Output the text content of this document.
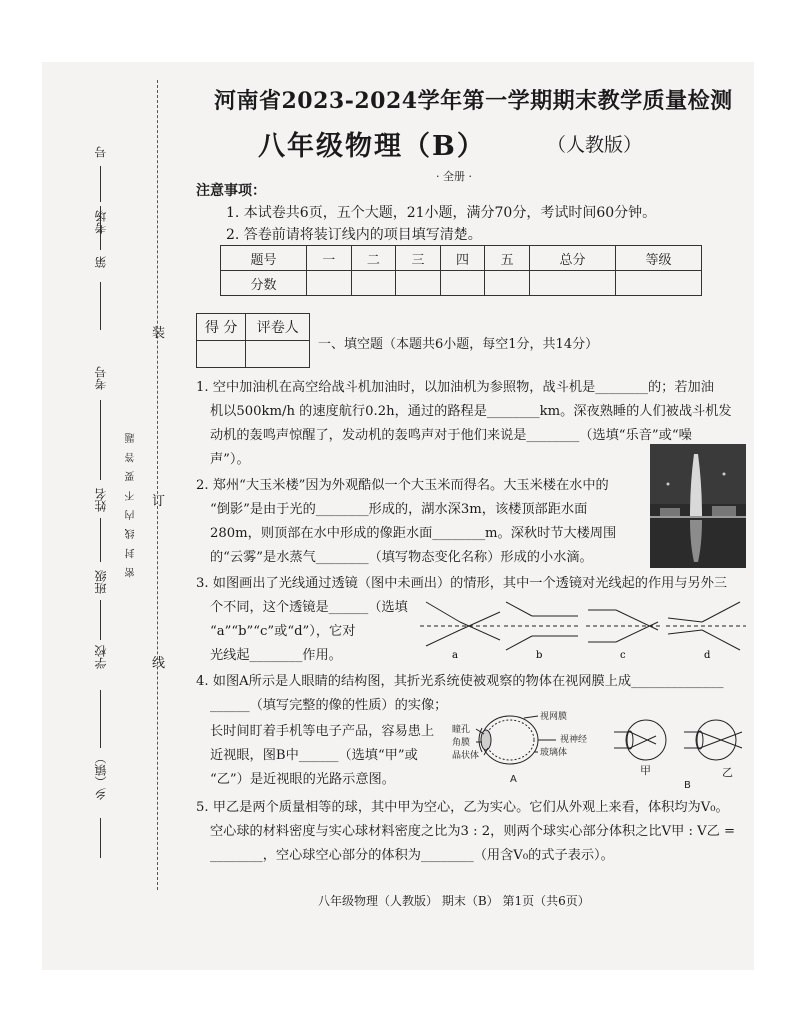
装
订
线
号
第
考场
考号
姓名
班级
学校
乡（镇）
密 封 线 内 不 要 答 题
河南省2023-2024学年第一学期期末教学质量检测
八年级物理（B）	（人教版）
· 全册 ·
注意事项：
1. 本试卷共6页，五个大题，21小题，满分70分，考试时间60分钟。
2. 答卷前请将装订线内的项目填写清楚。
题号	一	二	三	四	五	总分	等级
分数							
得 分	评卷人

一、填空题（本题共6小题，每空1分，共14分）
1. 空中加油机在高空给战斗机加油时，以加油机为参照物，战斗机是________的；若加油
机以500km/h 的速度航行0.2h，通过的路程是________km。深夜熟睡的人们被战斗机发
动机的轰鸣声惊醒了，发动机的轰鸣声对于他们来说是________（选填“乐音”或“噪
声”）。
2. 郑州“大玉米楼”因为外观酷似一个大玉米而得名。大玉米楼在水中的
“倒影”是由于光的________形成的，湖水深3m，该楼顶部距水面
280m，则顶部在水中形成的像距水面________m。深秋时节大楼周围
的“云雾”是水蒸气________（填写物态变化名称）形成的小水滴。
3. 如图画出了光线通过透镜（图中未画出）的情形，其中一个透镜对光线起的作用与另外三
个不同，这个透镜是______（选填
“a”“b”“c”或“d”），它对
光线起________作用。	a	b	c	d
4. 如图A所示是人眼睛的结构图，其折光系统使被观察的物体在视网膜上成______________
______（填写完整的像的性质）的实像；
长时间盯着手机等电子产品，容易患上
近视眼，图B中______（选填“甲”或
“乙”）是近视眼的光路示意图。
视网膜
瞳孔
视神经
角膜
玻璃体
晶状体
A
甲	乙
B
5. 甲乙是两个质量相等的球，其中甲为空心，乙为实心。它们从外观上来看，体积均为V₀。
空心球的材料密度与实心球材料密度之比为3 : 2，则两个球实心部分体积之比V甲 : V乙 =
________，空心球空心部分的体积为________（用含V₀的式子表示）。
八年级物理（人教版） 期末（B） 第1页（共6页）
